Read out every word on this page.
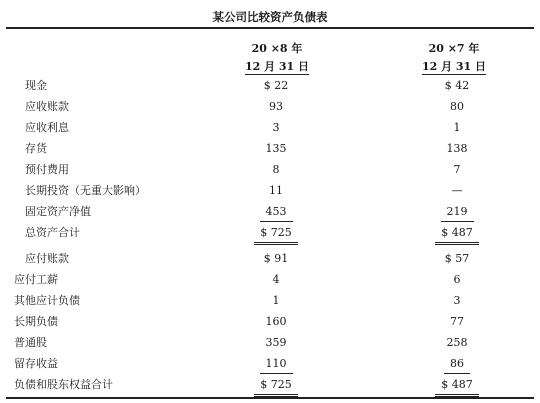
某公司比较资产负债表
20 ×8 年	20 ×7 年
12 月 31 日	12 月 31 日
现金	$ 22	$ 42
应收账款	93	80
应收利息	3	1
存货	135	138
预付费用	8	7
长期投资（无重大影响）	11	—
固定资产净值	453	219
总资产合计	$ 725	$ 487
应付账款	$ 91	$ 57
应付工薪	4	6
其他应计负债	1	3
长期负债	160	77
普通股	359	258
留存收益	110	86
负债和股东权益合计	$ 725	$ 487
